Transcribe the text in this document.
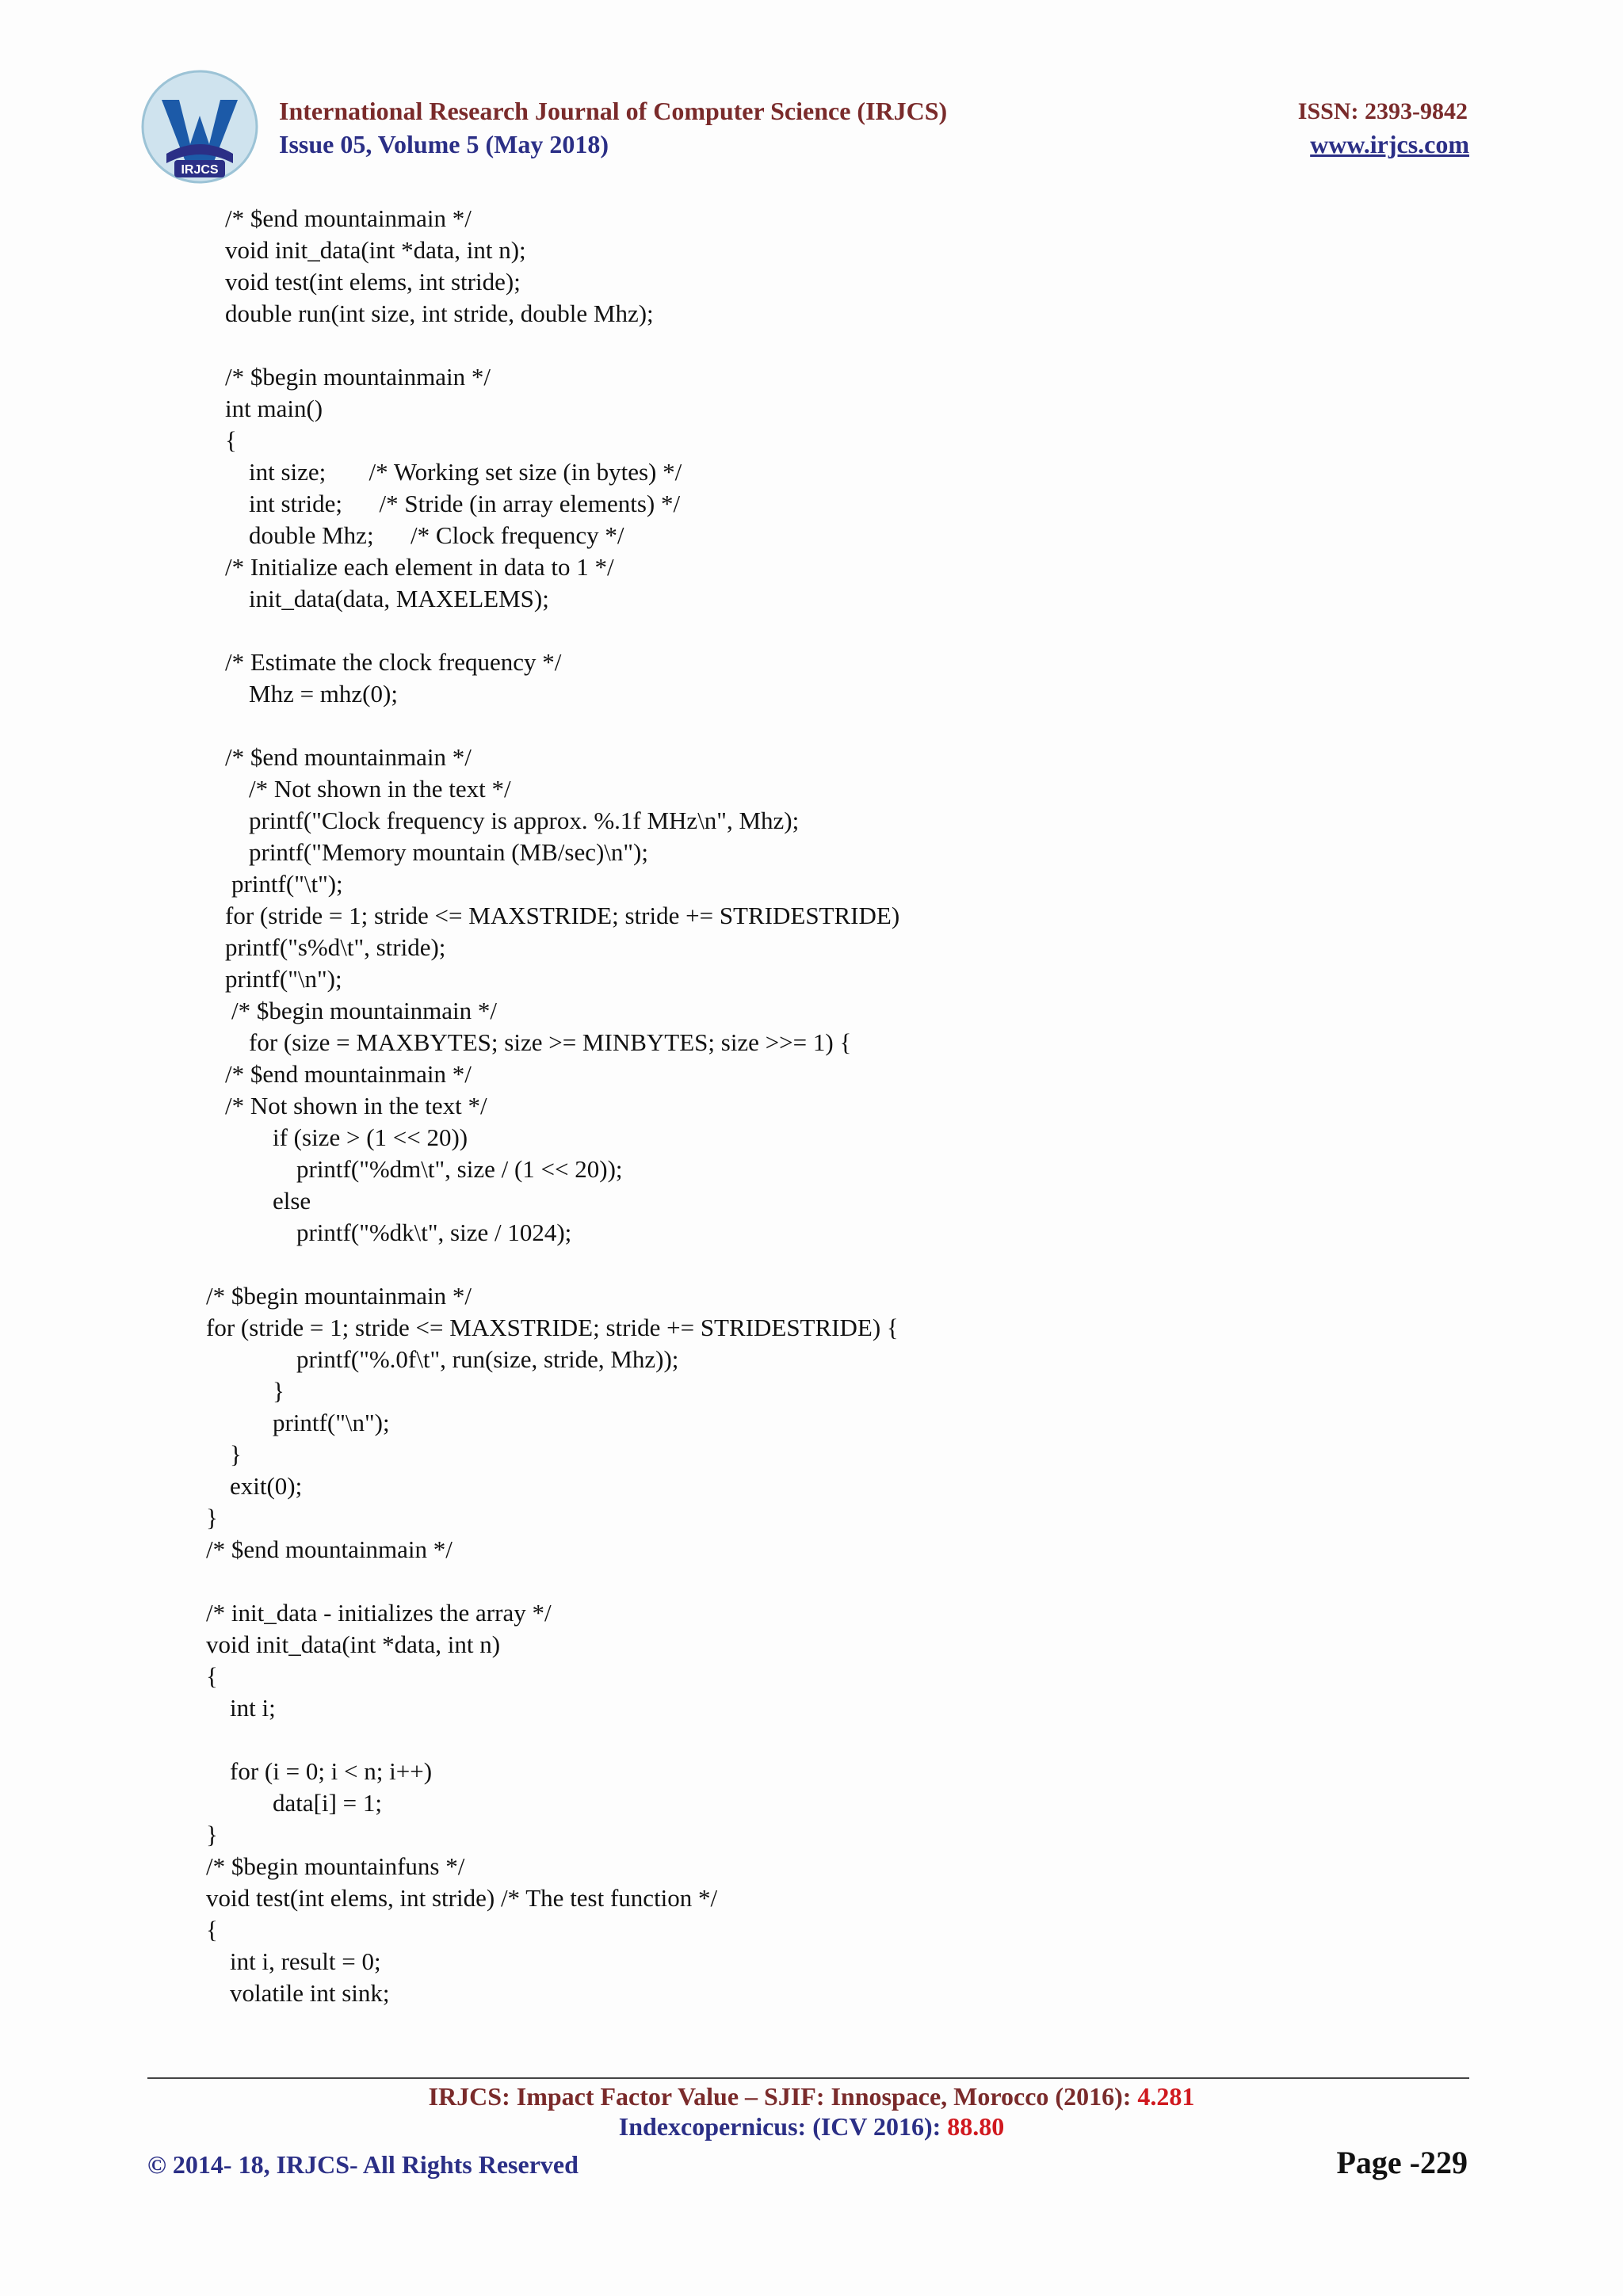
IRJCS
International Research Journal of Computer Science (IRJCS)
Issue 05, Volume 5 (May 2018)
ISSN: 2393-9842
www.irjcs.com
/* $end mountainmain */
void init_data(int *data, int n);
void test(int elems, int stride);
double run(int size, int stride, double Mhz);
/* $begin mountainmain */
int main()
{
int size;       /* Working set size (in bytes) */
int stride;      /* Stride (in array elements) */
double Mhz;      /* Clock frequency */
/* Initialize each element in data to 1 */
init_data(data, MAXELEMS);
/* Estimate the clock frequency */
Mhz = mhz(0);
/* $end mountainmain */
/* Not shown in the text */
printf("Clock frequency is approx. %.1f MHz\n", Mhz);
printf("Memory mountain (MB/sec)\n");
printf("\t");
for (stride = 1; stride <= MAXSTRIDE; stride += STRIDESTRIDE)
printf("s%d\t", stride);
printf("\n");
/* $begin mountainmain */
for (size = MAXBYTES; size >= MINBYTES; size >>= 1) {
/* $end mountainmain */
/* Not shown in the text */
if (size > (1 << 20))
printf("%dm\t", size / (1 << 20));
else
printf("%dk\t", size / 1024);
/* $begin mountainmain */
for (stride = 1; stride <= MAXSTRIDE; stride += STRIDESTRIDE) {
printf("%.0f\t", run(size, stride, Mhz));
}
printf("\n");
}
exit(0);
}
/* $end mountainmain */
/* init_data - initializes the array */
void init_data(int *data, int n)
{
int i;
for (i = 0; i < n; i++)
data[i] = 1;
}
/* $begin mountainfuns */
void test(int elems, int stride) /* The test function */
{
int i, result = 0;
volatile int sink;
IRJCS: Impact Factor Value – SJIF: Innospace, Morocco (2016): 4.281
Indexcopernicus: (ICV 2016): 88.80
© 2014- 18, IRJCS- All Rights Reserved	Page -229
